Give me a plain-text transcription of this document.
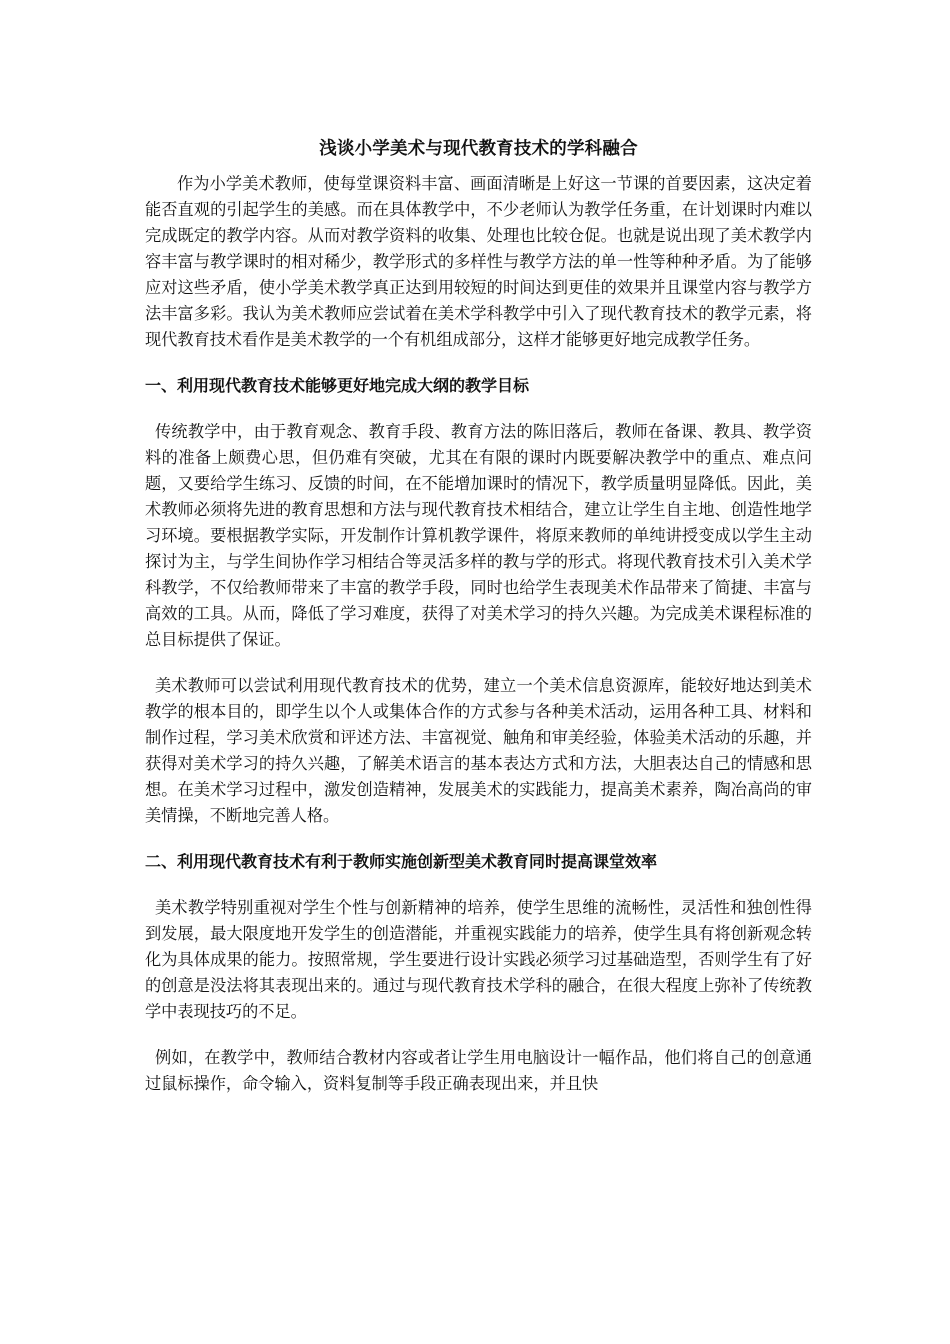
浅谈小学美术与现代教育技术的学科融合

作为小学美术教师，使每堂课资料丰富、画面清晰是上好这一节课的首要因素，这决定着能否直观的引起学生的美感。而在具体教学中，不少老师认为教学任务重，在计划课时内难以完成既定的教学内容。从而对教学资料的收集、处理也比较仓促。也就是说出现了美术教学内容丰富与教学课时的相对稀少，教学形式的多样性与教学方法的单一性等种种矛盾。为了能够应对这些矛盾，使小学美术教学真正达到用较短的时间达到更佳的效果并且课堂内容与教学方法丰富多彩。我认为美术教师应尝试着在美术学科教学中引入了现代教育技术的教学元素，将现代教育技术看作是美术教学的一个有机组成部分，这样才能够更好地完成教学任务。

一、利用现代教育技术能够更好地完成大纲的教学目标

传统教学中，由于教育观念、教育手段、教育方法的陈旧落后，教师在备课、教具、教学资料的准备上颇费心思，但仍难有突破，尤其在有限的课时内既要解决教学中的重点、难点问题，又要给学生练习、反馈的时间，在不能增加课时的情况下，教学质量明显降低。因此，美术教师必须将先进的教育思想和方法与现代教育技术相结合，建立让学生自主地、创造性地学习环境。要根据教学实际，开发制作计算机教学课件，将原来教师的单纯讲授变成以学生主动探讨为主，与学生间协作学习相结合等灵活多样的教与学的形式。将现代教育技术引入美术学科教学，不仅给教师带来了丰富的教学手段，同时也给学生表现美术作品带来了简捷、丰富与高效的工具。从而，降低了学习难度，获得了对美术学习的持久兴趣。为完成美术课程标准的总目标提供了保证。

美术教师可以尝试利用现代教育技术的优势，建立一个美术信息资源库，能较好地达到美术教学的根本目的，即学生以个人或集体合作的方式参与各种美术活动，运用各种工具、材料和制作过程，学习美术欣赏和评述方法、丰富视觉、触角和审美经验，体验美术活动的乐趣，并获得对美术学习的持久兴趣，了解美术语言的基本表达方式和方法，大胆表达自己的情感和思想。在美术学习过程中，激发创造精神，发展美术的实践能力，提高美术素养，陶冶高尚的审美情操，不断地完善人格。

二、利用现代教育技术有利于教师实施创新型美术教育同时提高课堂效率

美术教学特别重视对学生个性与创新精神的培养，使学生思维的流畅性，灵活性和独创性得到发展，最大限度地开发学生的创造潜能，并重视实践能力的培养，使学生具有将创新观念转化为具体成果的能力。按照常规，学生要进行设计实践必须学习过基础造型，否则学生有了好的创意是没法将其表现出来的。通过与现代教育技术学科的融合，在很大程度上弥补了传统教学中表现技巧的不足。

例如，在教学中，教师结合教材内容或者让学生用电脑设计一幅作品，他们将自己的创意通过鼠标操作，命令输入，资料复制等手段正确表现出来，并且快
